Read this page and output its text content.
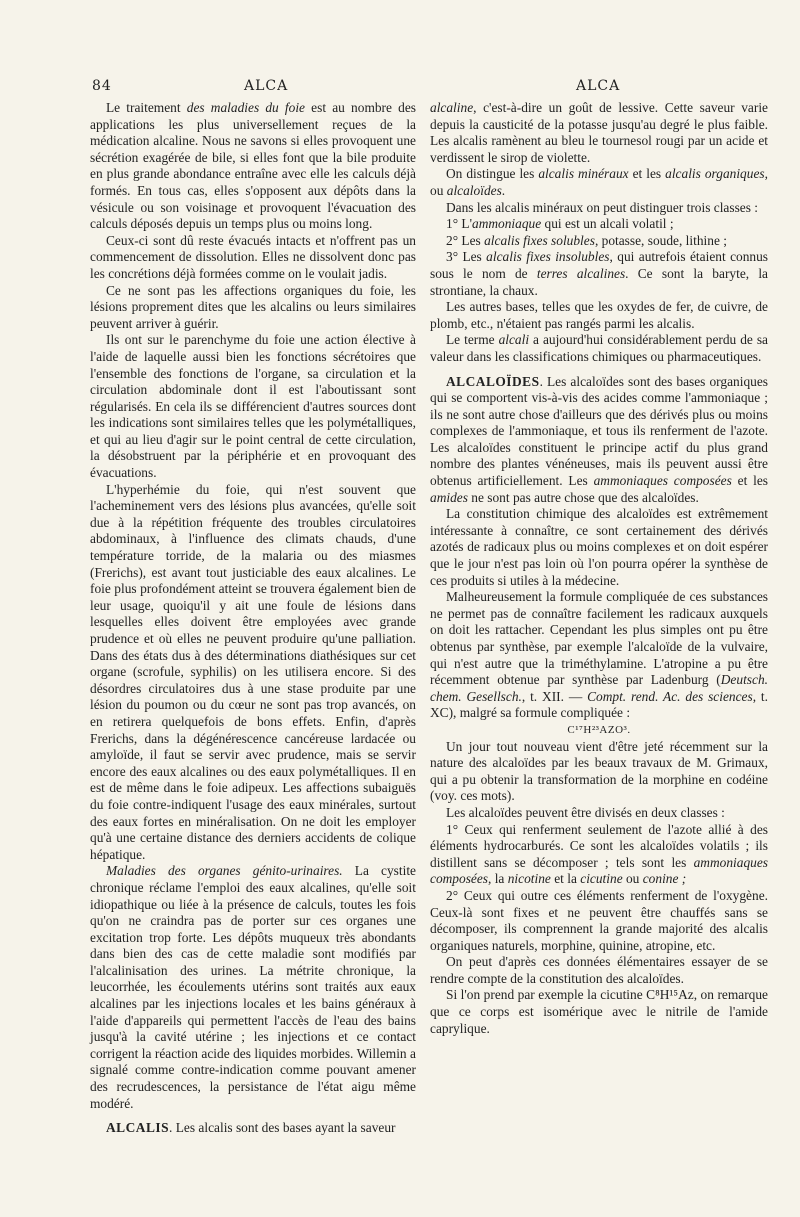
84	ALCA	ALCA

Le traitement des maladies du foie est au nombre des applications les plus universellement reçues de la médication alcaline. Nous ne savons si elles provoquent une sécrétion exagérée de bile, si elles font que la bile produite en plus grande abondance entraîne avec elle les calculs déjà formés. En tous cas, elles s'opposent aux dépôts dans la vésicule ou son voisinage et provoquent l'évacuation des calculs déposés depuis un temps plus ou moins long.

Ceux-ci sont dû reste évacués intacts et n'offrent pas un commencement de dissolution. Elles ne dissolvent donc pas les concrétions déjà formées comme on le voulait jadis.

Ce ne sont pas les affections organiques du foie, les lésions proprement dites que les alcalins ou leurs similaires peuvent arriver à guérir.

Ils ont sur le parenchyme du foie une action élective à l'aide de laquelle aussi bien les fonctions sécrétoires que l'ensemble des fonctions de l'organe, sa circulation et la circulation abdominale dont il est l'aboutissant sont régularisés. En cela ils se différencient d'autres sources dont les indications sont similaires telles que les polymétalliques, et qui au lieu d'agir sur le point central de cette circulation, la désobstruent par la périphérie et en provoquant des évacuations.

L'hyperhémie du foie, qui n'est souvent que l'acheminement vers des lésions plus avancées, qu'elle soit due à la répétition fréquente des troubles circulatoires abdominaux, à l'influence des climats chauds, d'une température torride, de la malaria ou des miasmes (Frerichs), est avant tout justiciable des eaux alcalines. Le foie plus profondément atteint se trouvera également bien de leur usage, quoiqu'il y ait une foule de lésions dans lesquelles elles doivent être employées avec grande prudence et où elles ne peuvent produire qu'une palliation. Dans des états dus à des déterminations diathésiques sur cet organe (scrofule, syphilis) on les utilisera encore. Si des désordres circulatoires dus à une stase produite par une lésion du poumon ou du cœur ne sont pas trop avancés, on en retirera quelquefois de bons effets. Enfin, d'après Frerichs, dans la dégénérescence cancéreuse lardacée ou amyloïde, il faut se servir avec prudence, mais se servir encore des eaux alcalines ou des eaux polymétalliques. Il en est de même dans le foie adipeux. Les affections subaiguës du foie contre-indiquent l'usage des eaux minérales, surtout des eaux fortes en minéralisation. On ne doit les employer qu'à une certaine distance des derniers accidents de colique hépatique.

Maladies des organes génito-urinaires. La cystite chronique réclame l'emploi des eaux alcalines, qu'elle soit idiopathique ou liée à la présence de calculs, toutes les fois qu'on ne craindra pas de porter sur ces organes une excitation trop forte. Les dépôts muqueux très abondants dans bien des cas de cette maladie sont modifiés par l'alcalinisation des urines. La métrite chronique, la leucorrhée, les écoulements utérins sont traités aux eaux alcalines par les injections locales et les bains généraux à l'aide d'appareils qui permettent l'accès de l'eau des bains jusqu'à la cavité utérine ; les injections et ce contact corrigent la réaction acide des liquides morbides. Willemin a signalé comme contre-indication comme pouvant amener des recrudescences, la persistance de l'état aigu même modéré.

ALCALIS. Les alcalis sont des bases ayant la saveur

alcaline, c'est-à-dire un goût de lessive. Cette saveur varie depuis la causticité de la potasse jusqu'au degré le plus faible. Les alcalis ramènent au bleu le tournesol rougi par un acide et verdissent le sirop de violette.

On distingue les alcalis minéraux et les alcalis organiques, ou alcaloïdes.

Dans les alcalis minéraux on peut distinguer trois classes :

1° L'ammoniaque qui est un alcali volatil ;

2° Les alcalis fixes solubles, potasse, soude, lithine ;

3° Les alcalis fixes insolubles, qui autrefois étaient connus sous le nom de terres alcalines. Ce sont la baryte, la strontiane, la chaux.

Les autres bases, telles que les oxydes de fer, de cuivre, de plomb, etc., n'étaient pas rangés parmi les alcalis.

Le terme alcali a aujourd'hui considérablement perdu de sa valeur dans les classifications chimiques ou pharmaceutiques.

ALCALOÏDES. Les alcaloïdes sont des bases organiques qui se comportent vis-à-vis des acides comme l'ammoniaque ; ils ne sont autre chose d'ailleurs que des dérivés plus ou moins complexes de l'ammoniaque, et tous ils renferment de l'azote. Les alcaloïdes constituent le principe actif du plus grand nombre des plantes vénéneuses, mais ils peuvent aussi être obtenus artificiellement. Les ammoniaques composées et les amides ne sont pas autre chose que des alcaloïdes.

La constitution chimique des alcaloïdes est extrêmement intéressante à connaître, ce sont certainement des dérivés azotés de radicaux plus ou moins complexes et on doit espérer que le jour n'est pas loin où l'on pourra opérer la synthèse de ces produits si utiles à la médecine.

Malheureusement la formule compliquée de ces substances ne permet pas de connaître facilement les radicaux auxquels on doit les rattacher. Cependant les plus simples ont pu être obtenus par synthèse, par exemple l'alcaloïde de la vulvaire, qui n'est autre que la triméthylamine. L'atropine a pu être récemment obtenue par synthèse par Ladenburg (Deutsch. chem. Gesellsch., t. XII. — Compt. rend. Ac. des sciences, t. XC), malgré sa formule compliquée :

C¹⁷H²³AZO³.

Un jour tout nouveau vient d'être jeté récemment sur la nature des alcaloïdes par les beaux travaux de M. Grimaux, qui a pu obtenir la transformation de la morphine en codéine (voy. ces mots).

Les alcaloïdes peuvent être divisés en deux classes :

1° Ceux qui renferment seulement de l'azote allié à des éléments hydrocarburés. Ce sont les alcaloïdes volatils ; ils distillent sans se décomposer ; tels sont les ammoniaques composées, la nicotine et la cicutine ou conine ;

2° Ceux qui outre ces éléments renferment de l'oxygène. Ceux-là sont fixes et ne peuvent être chauffés sans se décomposer, ils comprennent la grande majorité des alcalis organiques naturels, morphine, quinine, atropine, etc.

On peut d'après ces données élémentaires essayer de se rendre compte de la constitution des alcaloïdes.

Si l'on prend par exemple la cicutine C⁸H¹⁵Az, on remarque que ce corps est isomérique avec le nitrile de l'amide caprylique.
